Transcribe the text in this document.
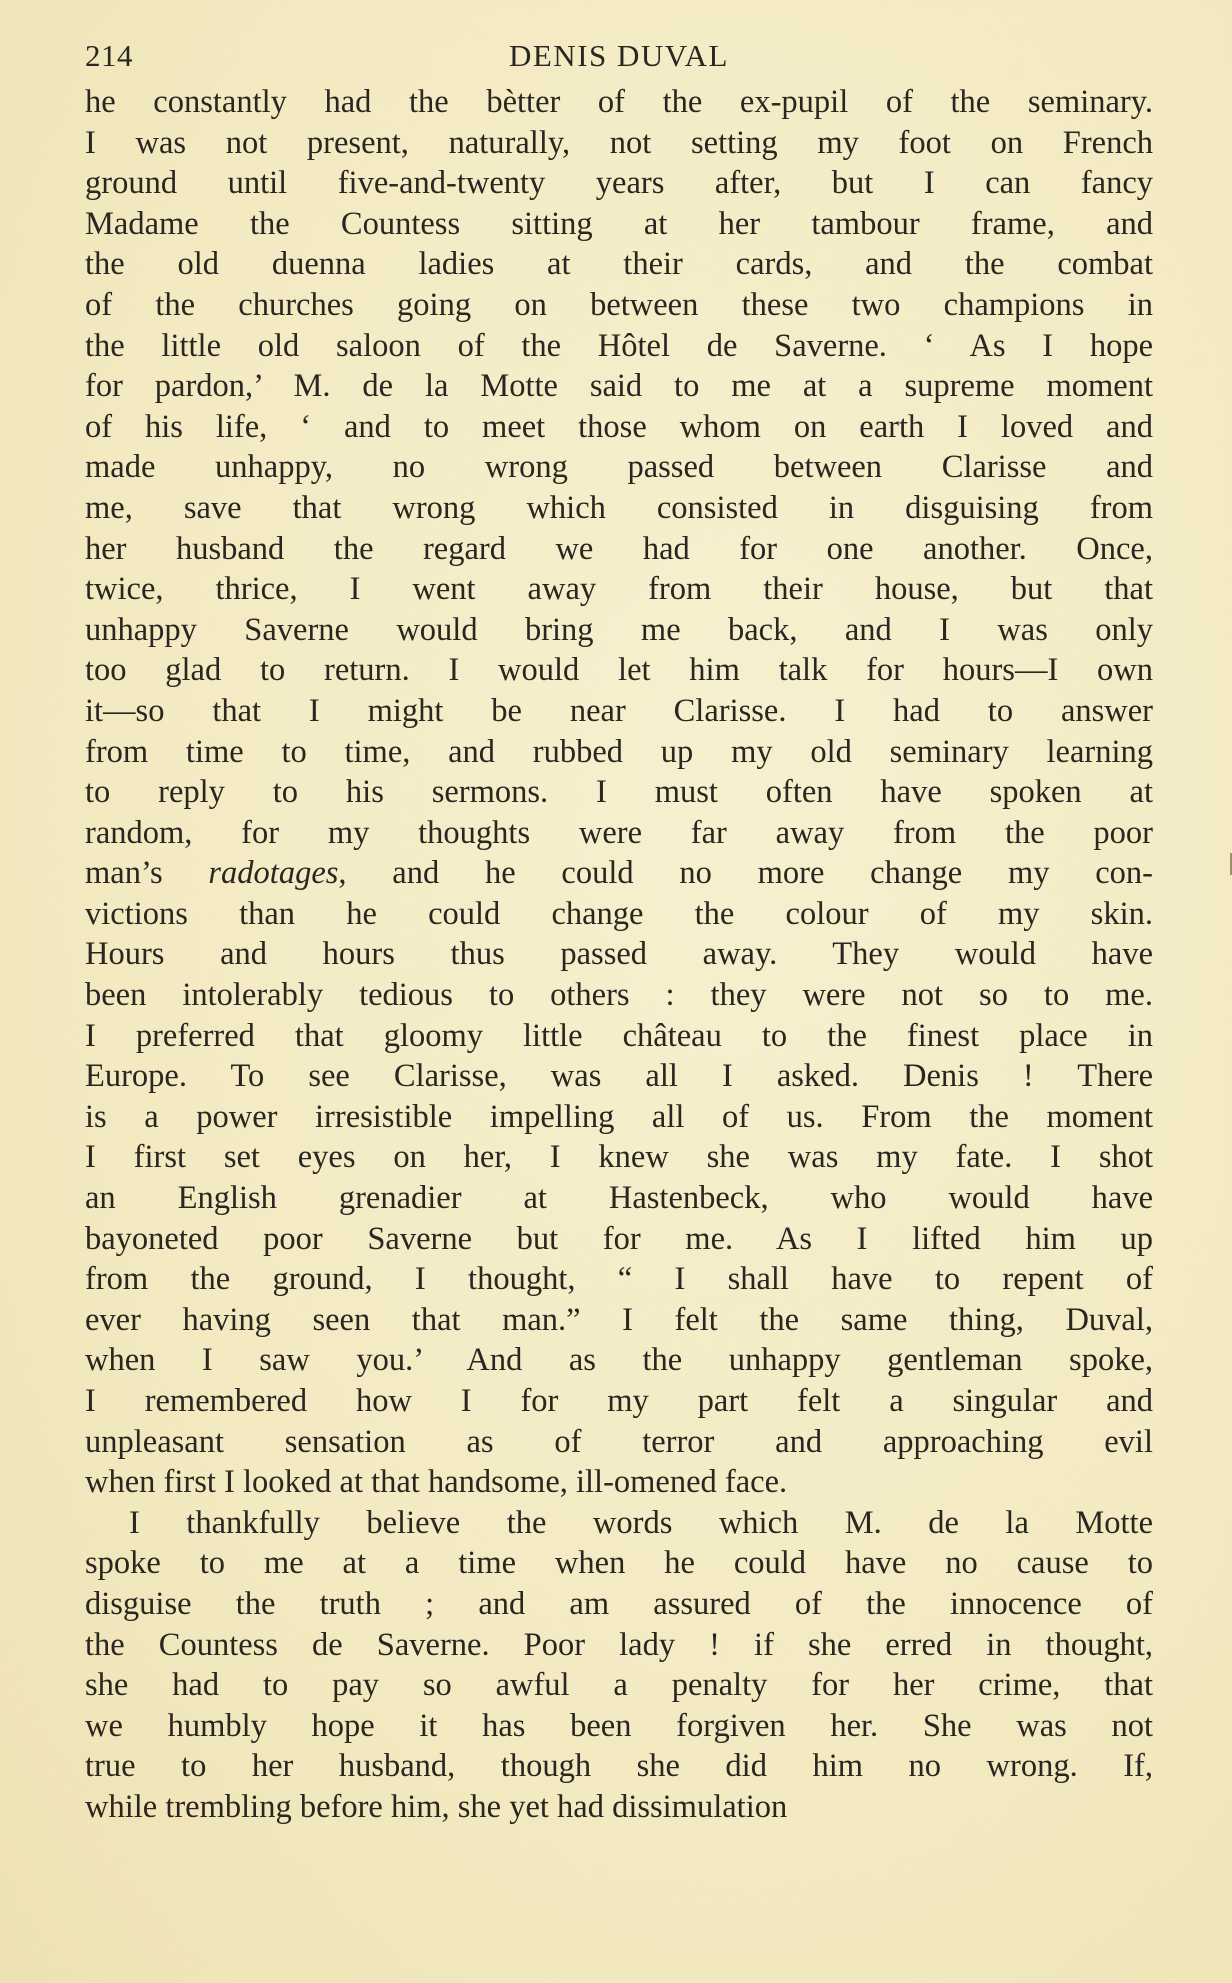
214	DENIS DUVAL
he constantly had the bètter of the ex-pupil of the seminary.
I was not present, naturally, not setting my foot on French
ground until five-and-twenty years after, but I can fancy
Madame the Countess sitting at her tambour frame, and
the old duenna ladies at their cards, and the combat
of the churches going on between these two champions in
the little old saloon of the Hôtel de Saverne. ‘ As I hope
for pardon,’ M. de la Motte said to me at a supreme moment
of his life, ‘ and to meet those whom on earth I loved and
made unhappy, no wrong passed between Clarisse and
me, save that wrong which consisted in disguising from
her husband the regard we had for one another. Once,
twice, thrice, I went away from their house, but that
unhappy Saverne would bring me back, and I was only
too glad to return. I would let him talk for hours—I own
it—so that I might be near Clarisse. I had to answer
from time to time, and rubbed up my old seminary learning
to reply to his sermons. I must often have spoken at
random, for my thoughts were far away from the poor
man’s radotages, and he could no more change my con-
victions than he could change the colour of my skin.
Hours and hours thus passed away. They would have
been intolerably tedious to others : they were not so to me.
I preferred that gloomy little château to the finest place in
Europe. To see Clarisse, was all I asked. Denis ! There
is a power irresistible impelling all of us. From the moment
I first set eyes on her, I knew she was my fate. I shot
an English grenadier at Hastenbeck, who would have
bayoneted poor Saverne but for me. As I lifted him up
from the ground, I thought, “ I shall have to repent of
ever having seen that man.” I felt the same thing, Duval,
when I saw you.’ And as the unhappy gentleman spoke,
I remembered how I for my part felt a singular and
unpleasant sensation as of terror and approaching evil
when first I looked at that handsome, ill-omened face.
I thankfully believe the words which M. de la Motte
spoke to me at a time when he could have no cause to
disguise the truth ; and am assured of the innocence of
the Countess de Saverne. Poor lady ! if she erred in thought,
she had to pay so awful a penalty for her crime, that
we humbly hope it has been forgiven her. She was not
true to her husband, though she did him no wrong. If,
while trembling before him, she yet had dissimulation
